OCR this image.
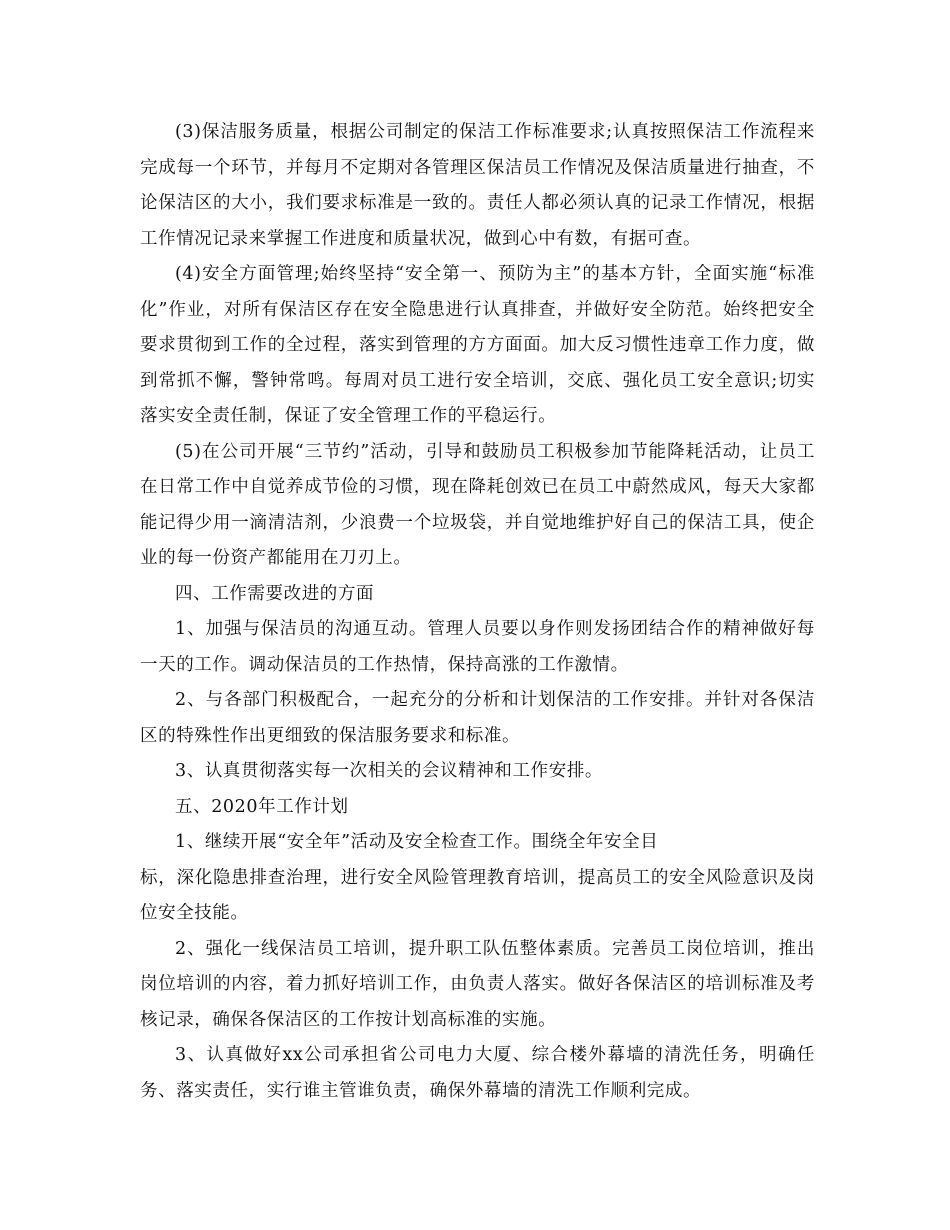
(3)保洁服务质量，根据公司制定的保洁工作标准要求;认真按照保洁工作流程来完成每一个环节，并每月不定期对各管理区保洁员工作情况及保洁质量进行抽查，不论保洁区的大小，我们要求标准是一致的。责任人都必须认真的记录工作情况，根据工作情况记录来掌握工作进度和质量状况，做到心中有数，有据可查。

(4)安全方面管理;始终坚持“安全第一、预防为主”的基本方针，全面实施“标准化”作业，对所有保洁区存在安全隐患进行认真排查，并做好安全防范。始终把安全要求贯彻到工作的全过程，落实到管理的方方面面。加大反习惯性违章工作力度，做到常抓不懈，警钟常鸣。每周对员工进行安全培训，交底、强化员工安全意识;切实落实安全责任制，保证了安全管理工作的平稳运行。

(5)在公司开展“三节约”活动，引导和鼓励员工积极参加节能降耗活动，让员工在日常工作中自觉养成节俭的习惯，现在降耗创效已在员工中蔚然成风，每天大家都能记得少用一滴清洁剂，少浪费一个垃圾袋，并自觉地维护好自己的保洁工具，使企业的每一份资产都能用在刀刃上。

四、工作需要改进的方面

1、加强与保洁员的沟通互动。管理人员要以身作则发扬团结合作的精神做好每一天的工作。调动保洁员的工作热情，保持高涨的工作激情。

2、与各部门积极配合，一起充分的分析和计划保洁的工作安排。并针对各保洁区的特殊性作出更细致的保洁服务要求和标准。

3、认真贯彻落实每一次相关的会议精神和工作安排。

五、2020年工作计划

1、继续开展“安全年”活动及安全检查工作。围绕全年安全目

标，深化隐患排查治理，进行安全风险管理教育培训，提高员工的安全风险意识及岗位安全技能。

2、强化一线保洁员工培训，提升职工队伍整体素质。完善员工岗位培训，推出岗位培训的内容，着力抓好培训工作，由负责人落实。做好各保洁区的培训标准及考核记录，确保各保洁区的工作按计划高标准的实施。

3、认真做好xx公司承担省公司电力大厦、综合楼外幕墙的清洗任务，明确任务、落实责任，实行谁主管谁负责，确保外幕墙的清洗工作顺利完成。
